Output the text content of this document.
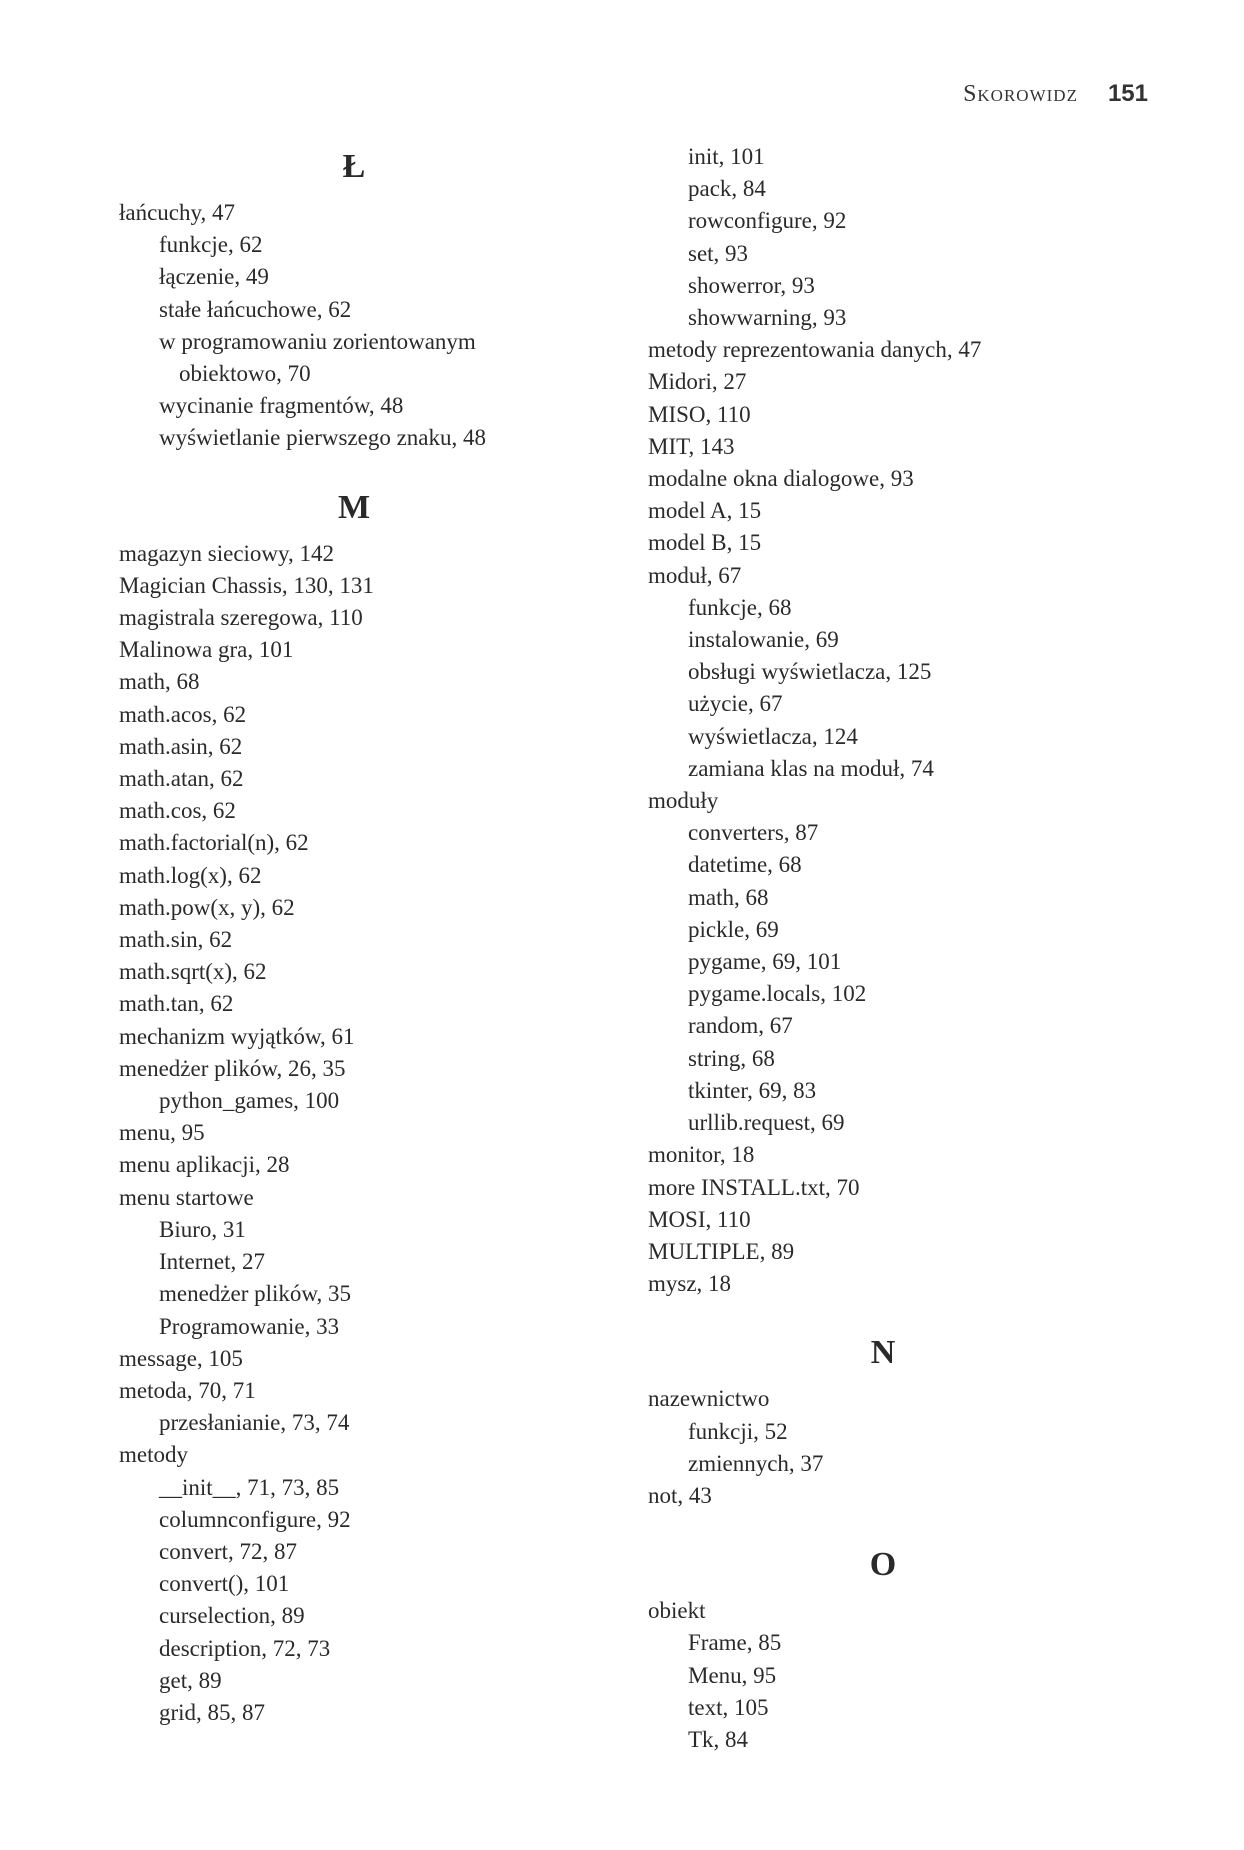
Skorowidz 151
Ł
łańcuchy, 47
funkcje, 62
łączenie, 49
stałe łańcuchowe, 62
w programowaniu zorientowanym
obiektowo, 70
wycinanie fragmentów, 48
wyświetlanie pierwszego znaku, 48
M
magazyn sieciowy, 142
Magician Chassis, 130, 131
magistrala szeregowa, 110
Malinowa gra, 101
math, 68
math.acos, 62
math.asin, 62
math.atan, 62
math.cos, 62
math.factorial(n), 62
math.log(x), 62
math.pow(x, y), 62
math.sin, 62
math.sqrt(x), 62
math.tan, 62
mechanizm wyjątków, 61
menedżer plików, 26, 35
python_games, 100
menu, 95
menu aplikacji, 28
menu startowe
Biuro, 31
Internet, 27
menedżer plików, 35
Programowanie, 33
message, 105
metoda, 70, 71
przesłanianie, 73, 74
metody
__init__, 71, 73, 85
columnconfigure, 92
convert, 72, 87
convert(), 101
curselection, 89
description, 72, 73
get, 89
grid, 85, 87
init, 101
pack, 84
rowconfigure, 92
set, 93
showerror, 93
showwarning, 93
metody reprezentowania danych, 47
Midori, 27
MISO, 110
MIT, 143
modalne okna dialogowe, 93
model A, 15
model B, 15
moduł, 67
funkcje, 68
instalowanie, 69
obsługi wyświetlacza, 125
użycie, 67
wyświetlacza, 124
zamiana klas na moduł, 74
moduły
converters, 87
datetime, 68
math, 68
pickle, 69
pygame, 69, 101
pygame.locals, 102
random, 67
string, 68
tkinter, 69, 83
urllib.request, 69
monitor, 18
more INSTALL.txt, 70
MOSI, 110
MULTIPLE, 89
mysz, 18
N
nazewnictwo
funkcji, 52
zmiennych, 37
not, 43
O
obiekt
Frame, 85
Menu, 95
text, 105
Tk, 84
